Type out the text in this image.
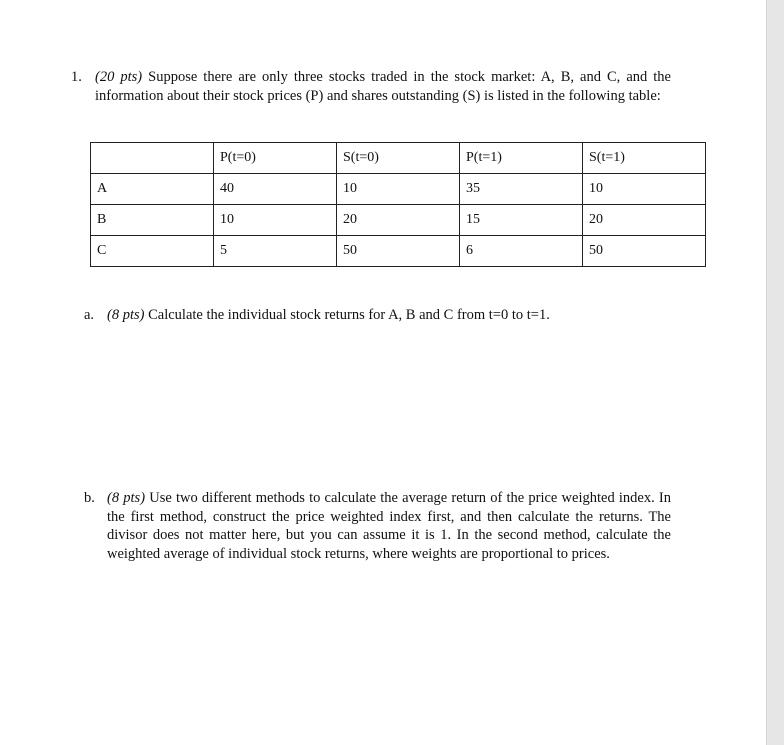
1. (20 pts) Suppose there are only three stocks traded in the stock market: A, B, and C, and the information about their stock prices (P) and shares outstanding (S) is listed in the following table:
	P(t=0)	S(t=0)	P(t=1)	S(t=1)
A	40	10	35	10
B	10	20	15	20
C	5	50	6	50
a. (8 pts) Calculate the individual stock returns for A, B and C from t=0 to t=1.
b. (8 pts) Use two different methods to calculate the average return of the price weighted index. In the first method, construct the price weighted index first, and then calculate the returns. The divisor does not matter here, but you can assume it is 1. In the second method, calculate the weighted average of individual stock returns, where weights are proportional to prices.
